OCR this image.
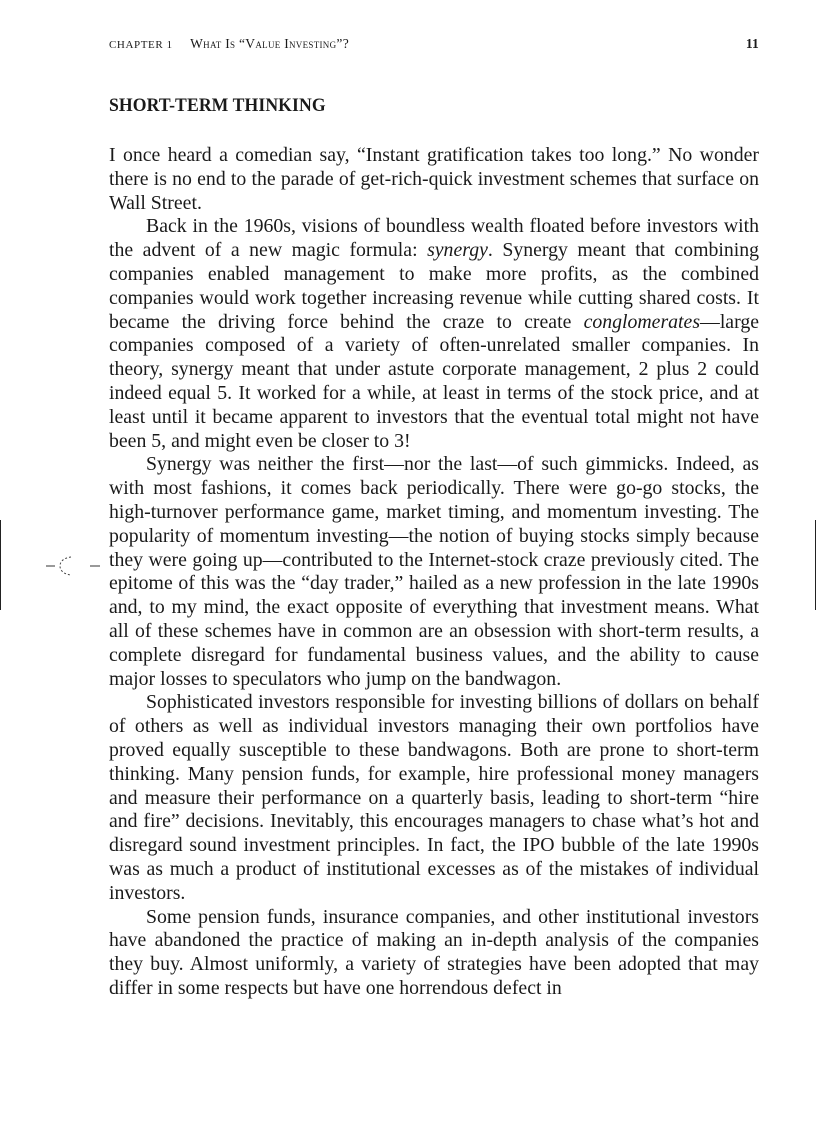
CHAPTER 1 What Is “Value Investing”?	11
SHORT-TERM THINKING

I once heard a comedian say, “Instant gratification takes too long.” No wonder there is no end to the parade of get-rich-quick investment schemes that surface on Wall Street.

Back in the 1960s, visions of boundless wealth floated before investors with the advent of a new magic formula: synergy. Synergy meant that combining companies enabled management to make more profits, as the combined companies would work together increasing revenue while cutting shared costs. It became the driving force behind the craze to create conglomerates—large companies composed of a variety of often-unrelated smaller companies. In theory, synergy meant that under astute corporate management, 2 plus 2 could indeed equal 5. It worked for a while, at least in terms of the stock price, and at least until it became apparent to investors that the eventual total might not have been 5, and might even be closer to 3!

Synergy was neither the first—nor the last—of such gimmicks. Indeed, as with most fashions, it comes back periodically. There were go-go stocks, the high-turnover performance game, market timing, and momentum investing. The popularity of momentum investing—the notion of buying stocks simply because they were going up—contributed to the Internet-stock craze previously cited. The epitome of this was the “day trader,” hailed as a new profession in the late 1990s and, to my mind, the exact opposite of everything that investment means. What all of these schemes have in common are an obsession with short-term results, a complete disregard for fundamental business values, and the ability to cause major losses to speculators who jump on the bandwagon.

Sophisticated investors responsible for investing billions of dollars on behalf of others as well as individual investors managing their own portfolios have proved equally susceptible to these bandwagons. Both are prone to short-term thinking. Many pension funds, for example, hire professional money managers and measure their performance on a quarterly basis, leading to short-term “hire and fire” decisions. Inevitably, this encourages managers to chase what’s hot and disregard sound investment principles. In fact, the IPO bubble of the late 1990s was as much a product of institutional excesses as of the mistakes of individual investors.

Some pension funds, insurance companies, and other institutional investors have abandoned the practice of making an in-depth analysis of the companies they buy. Almost uniformly, a variety of strategies have been adopted that may differ in some respects but have one horrendous defect in
